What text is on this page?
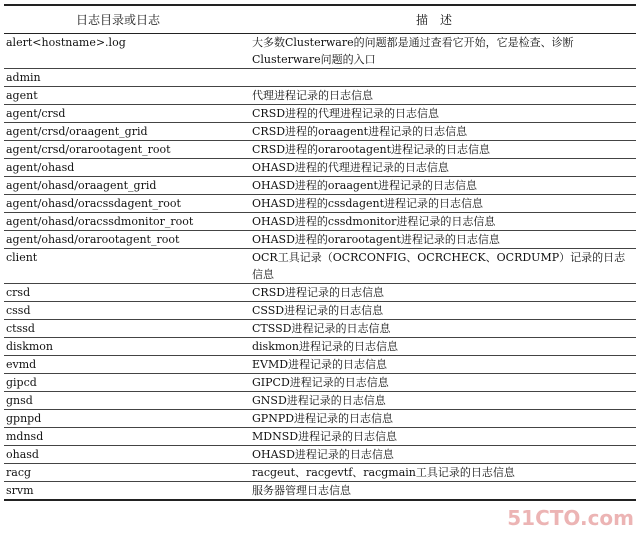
日志目录或日志	描　述
alert<hostname>.log	大多数Clusterware的问题都是通过查看它开始，它是检查、诊断Clusterware问题的入口
admin	
agent	代理进程记录的日志信息
agent/crsd	CRSD进程的代理进程记录的日志信息
agent/crsd/oraagent_grid	CRSD进程的oraagent进程记录的日志信息
agent/crsd/orarootagent_root	CRSD进程的orarootagent进程记录的日志信息
agent/ohasd	OHASD进程的代理进程记录的日志信息
agent/ohasd/oraagent_grid	OHASD进程的oraagent进程记录的日志信息
agent/ohasd/oracssdagent_root	OHASD进程的cssdagent进程记录的日志信息
agent/ohasd/oracssdmonitor_root	OHASD进程的cssdmonitor进程记录的日志信息
agent/ohasd/orarootagent_root	OHASD进程的orarootagent进程记录的日志信息
client	OCR工具记录（OCRCONFIG、OCRCHECK、OCRDUMP）记录的日志信息
crsd	CRSD进程记录的日志信息
cssd	CSSD进程记录的日志信息
ctssd	CTSSD进程记录的日志信息
diskmon	diskmon进程记录的日志信息
evmd	EVMD进程记录的日志信息
gipcd	GIPCD进程记录的日志信息
gnsd	GNSD进程记录的日志信息
gpnpd	GPNPD进程记录的日志信息
mdnsd	MDNSD进程记录的日志信息
ohasd	OHASD进程记录的日志信息
racg	racgeut、racgevtf、racgmain工具记录的日志信息
srvm	服务器管理日志信息
51CTO.com
